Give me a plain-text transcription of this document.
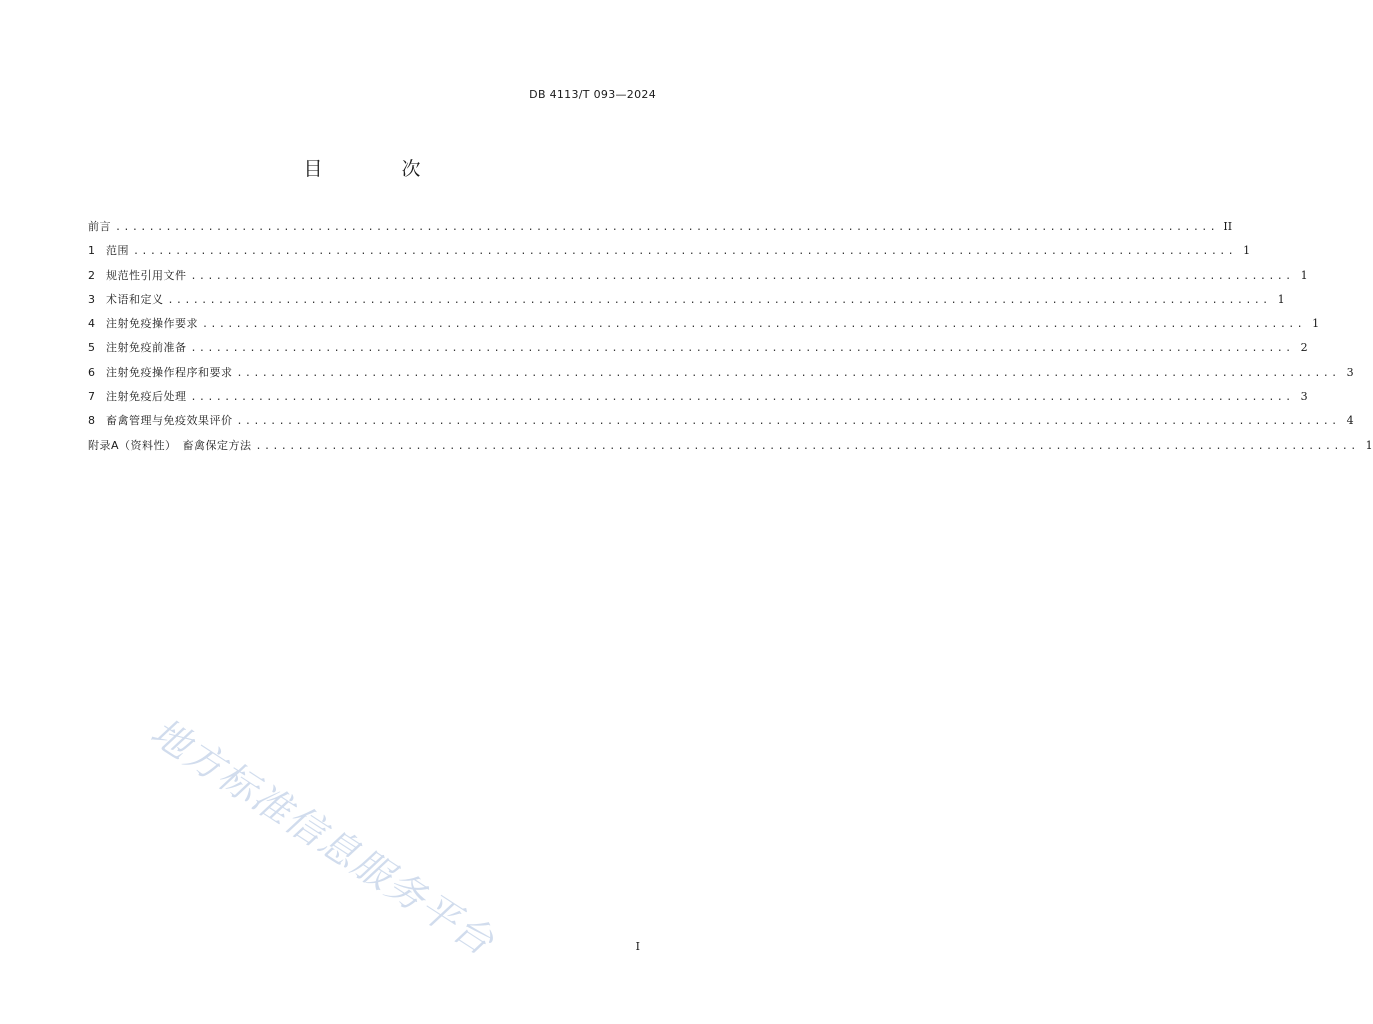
DB 4113/T 093—2024
目　次
前言 ................................................................................................................................... II
1	范围 ................................................................................................................................... 1
2	规范性引用文件 ................................................................................................................................... 1
3	术语和定义 ................................................................................................................................... 1
4	注射免疫操作要求 ................................................................................................................................... 1
5	注射免疫前准备 ................................................................................................................................... 2
6	注射免疫操作程序和要求 ................................................................................................................................... 3
7	注射免疫后处理 ................................................................................................................................... 3
8	畜禽管理与免疫效果评价 ................................................................................................................................... 4
附录A（资料性）　畜禽保定方法 ................................................................................................................................... 1
地方标准信息服务平台	I
